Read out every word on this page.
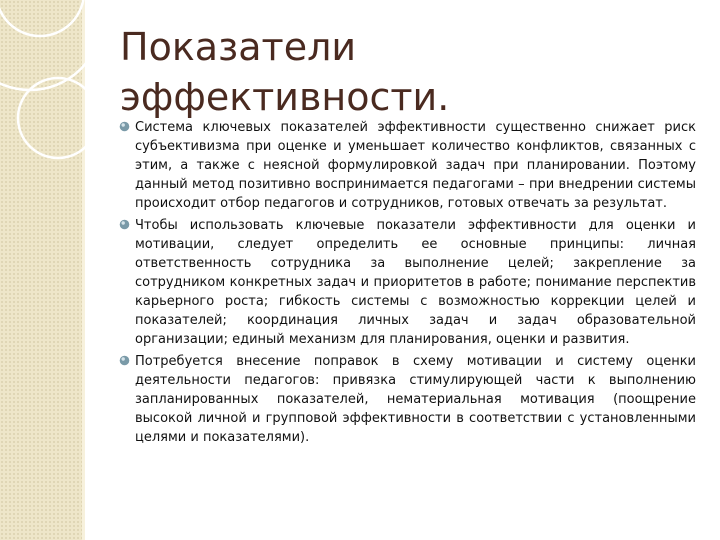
Показатели
эффективности.
Система ключевых показателей эффективности существенно снижает риск субъективизма при оценке и уменьшает количество конфликтов, связанных с этим, а также с неясной формулировкой задач при планировании. Поэтому данный метод позитивно воспринимается педагогами – при внедрении системы происходит отбор педагогов и сотрудников, готовых отвечать за результат.
Чтобы использовать ключевые показатели эффективности для оценки и мотивации, следует определить ее основные принципы: личная ответственность сотрудника за выполнение целей; закрепление за сотрудником конкретных задач и приоритетов в работе; понимание перспектив карьерного роста; гибкость системы с возможностью коррекции целей и показателей; координация личных задач и задач образовательной организации; единый механизм для планирования, оценки и развития.
Потребуется внесение поправок в схему мотивации и систему оценки деятельности педагогов: привязка стимулирующей части к выполнению запланированных показателей, нематериальная мотивация (поощрение высокой личной и групповой эффективности в соответствии с установленными целями и показателями).
